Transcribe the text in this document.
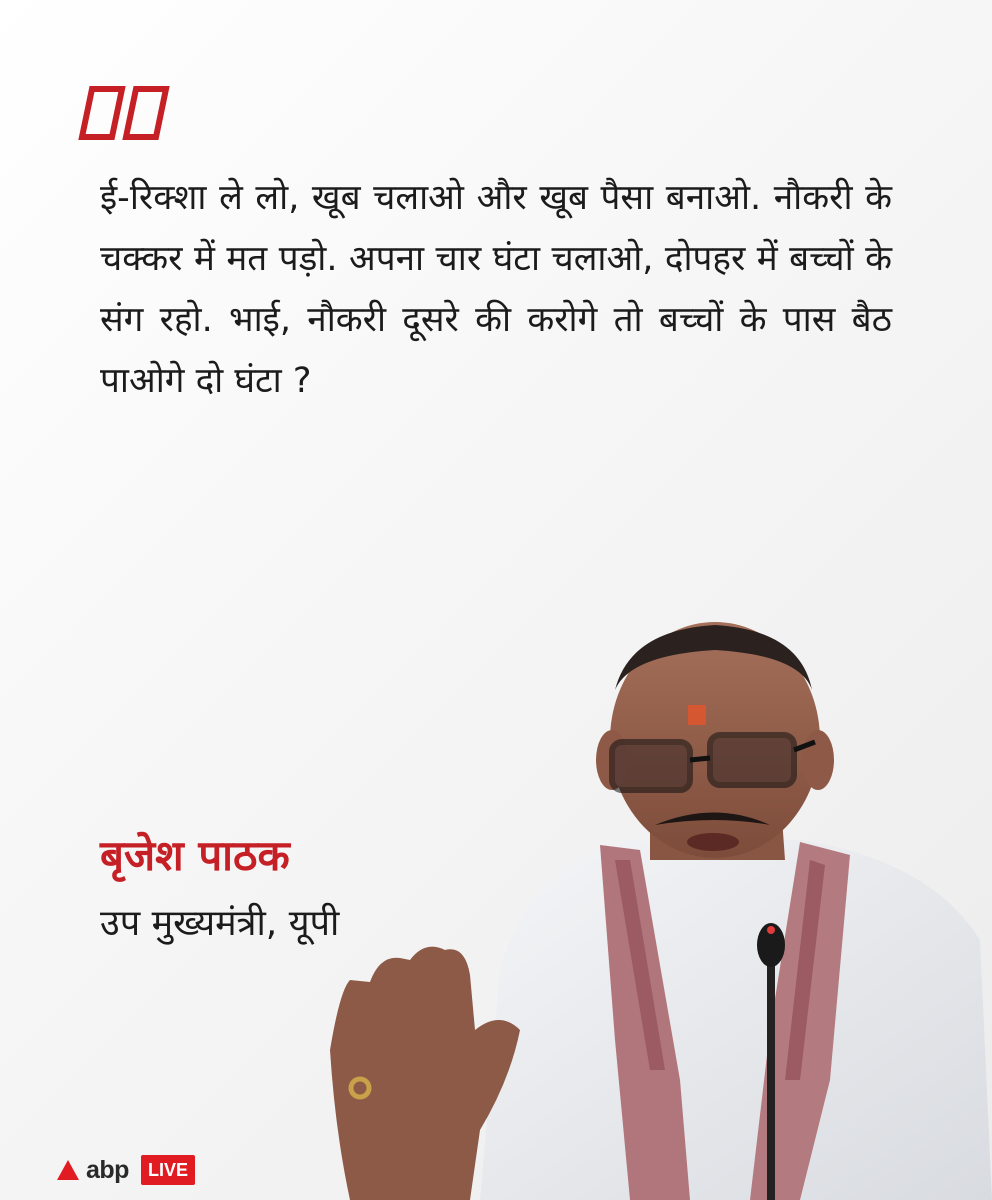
ई-रिक्शा ले लो, खूब चलाओ और खूब पैसा बनाओ. नौकरी के चक्कर में मत पड़ो. अपना चार घंटा चलाओ, दोपहर में बच्चों के संग रहो. भाई, नौकरी दूसरे की करोगे तो बच्चों के पास बैठ पाओगे दो घंटा ?

बृजेश पाठक

उप मुख्यमंत्री, यूपी

abp	LIVE
